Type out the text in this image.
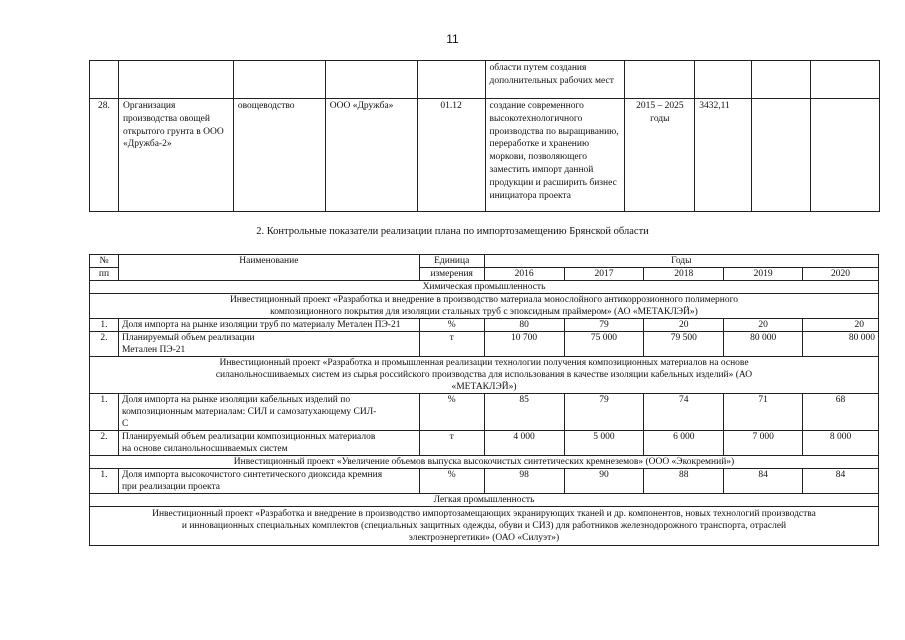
11
					области путем создания дополнительных рабочих мест				
28.	Организация производства овощей открытого грунта в ООО «Дружба-2»	овощеводство	ООО «Дружба»	01.12	создание современного высокотехнологичного производства по выращиванию, переработке и хранению моркови, позволяющего заместить импорт данной продукции и расширить бизнес инициатора проекта	2015 – 2025 годы	3432,11		
2. Контрольные показатели реализации плана по импортозамещению Брянской области
№	Наименование	Единица	Годы				
пп		измерения	2016	2017	2018	2019	2020
Химическая промышленность							
Инвестиционный проект «Разработка и внедрение в производство материала монослойного антикоррозионного полимерного композиционного покрытия для изоляции стальных труб с эпоксидным праймером» (АО «МЕТАКЛЭЙ»)							
1.	Доля импорта на рынке изоляции труб по материалу Метален ПЭ-21	%	80	79	20	20	20
2.	Планируемый объем реализации Метален ПЭ-21	т	10 700	75 000	79 500	80 000	80 000
Инвестиционный проект «Разработка и промышленная реализации технологии получения композиционных материалов на основе силанольносшиваемых систем из сырья российского производства для использования в качестве изоляции кабельных изделий» (АО «МЕТАКЛЭЙ»)							
1.	Доля импорта на рынке изоляции кабельных изделий по композиционным материалам: СИЛ и самозатухающему СИЛ-С	%	85	79	74	71	68
2.	Планируемый объем реализации композиционных материалов на основе силанольносшиваемых систем	т	4 000	5 000	6 000	7 000	8 000
Инвестиционный проект «Увеличение объемов выпуска высокочистых синтетических кремнеземов» (ООО «Экокремний»)							
1.	Доля импорта высокочистого синтетического диоксида кремния при реализации проекта	%	98	90	88	84	84
Легкая промышленность							
Инвестиционный проект «Разработка и внедрение в производство импортозамещающих экранирующих тканей и др. компонентов, новых технологий производства и инновационных специальных комплектов (специальных защитных одежды, обуви и СИЗ) для работников железнодорожного транспорта, отраслей электроэнергетики» (ОАО «Силуэт»)							
